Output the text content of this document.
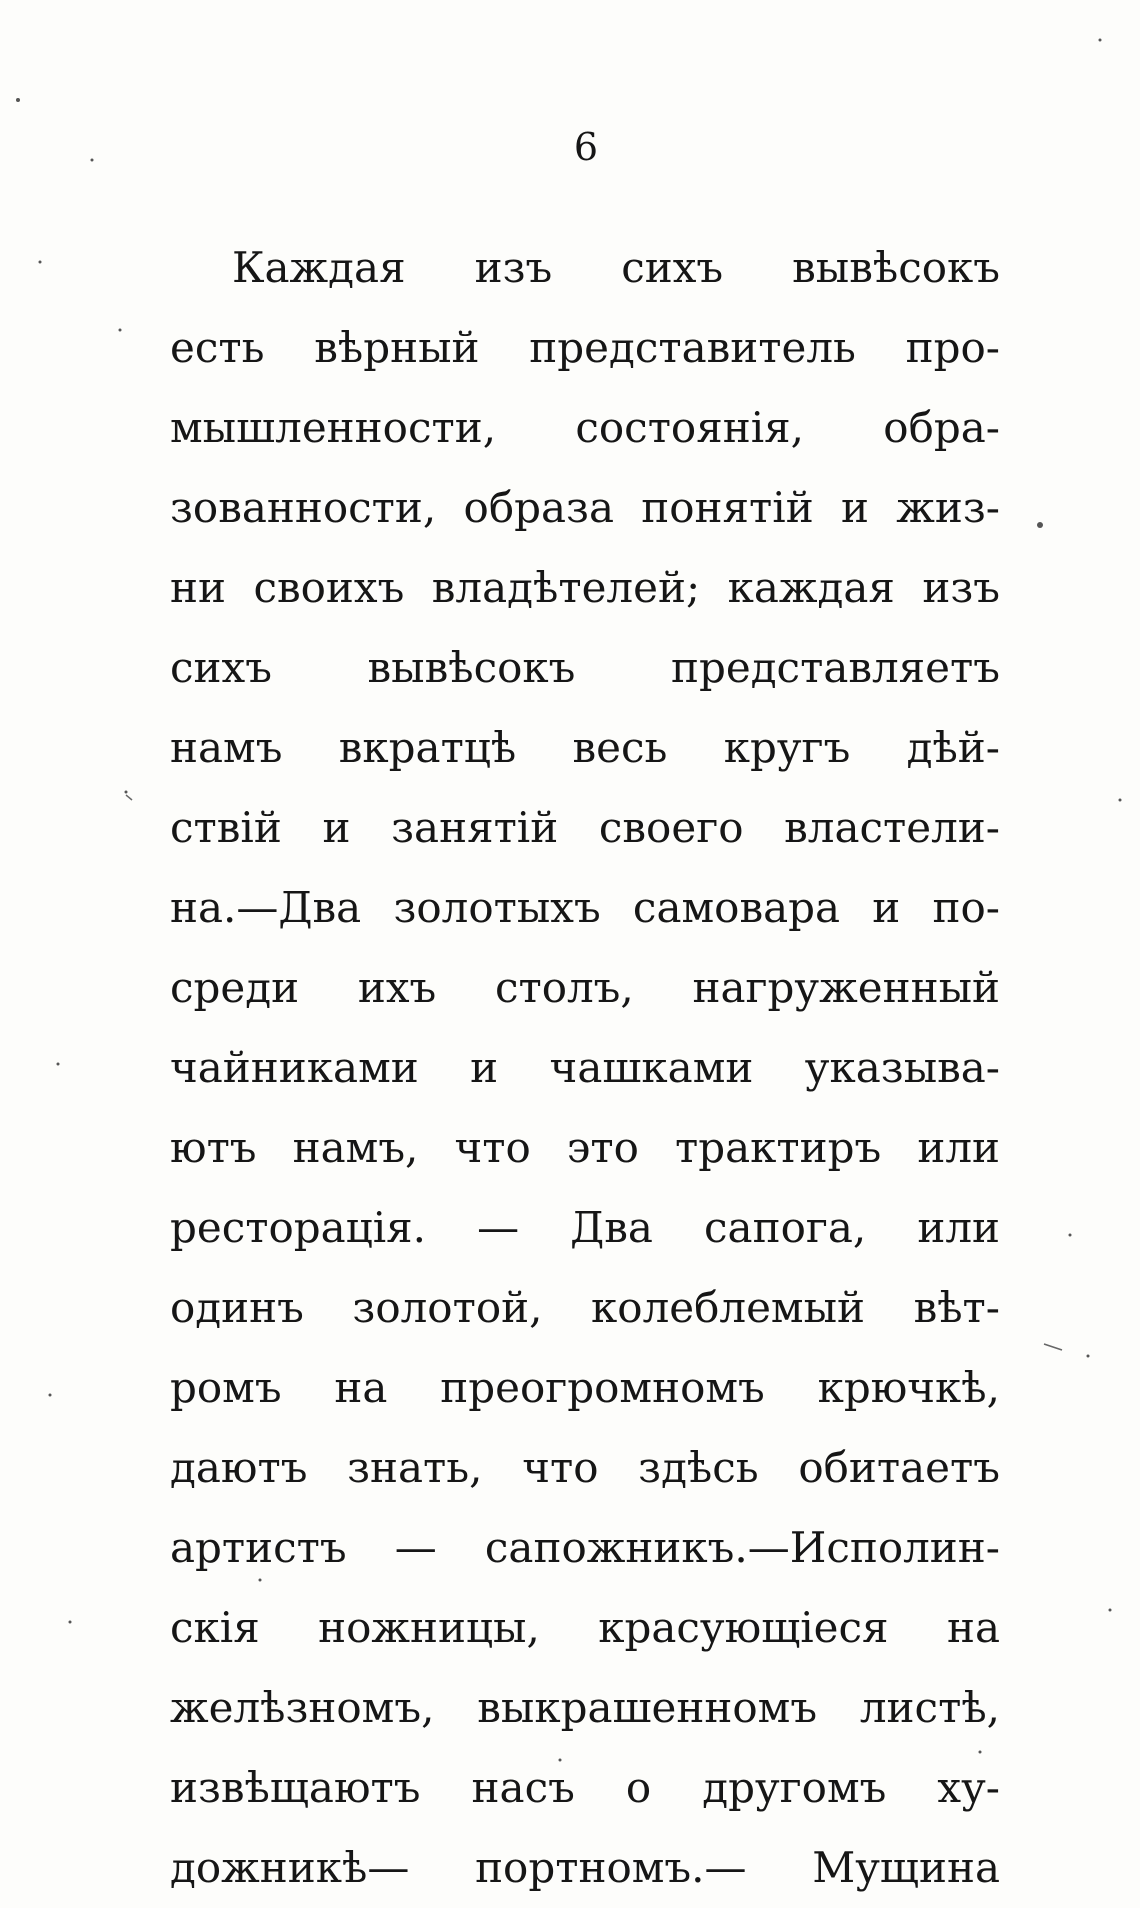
6
Каждая изъ сихъ вывѣсокъ
есть вѣрный представитель про-
мышленности, состоянія, обра-
зованности, образа понятій и жиз-
ни своихъ владѣтелей; каждая изъ
сихъ вывѣсокъ представляетъ
намъ вкратцѣ весь кругъ дѣй-
ствій и занятій своего властели-
на.—Два золотыхъ самовара и по-
среди ихъ столъ, нагруженный
чайниками и чашками указыва-
ютъ намъ, что это трактиръ или
ресторація. — Два сапога, или
одинъ золотой, колеблемый вѣт-
ромъ на преогромномъ крючкѣ,
даютъ знать, что здѣсь обитаетъ
артистъ — сапожникъ.—Исполин-
скія ножницы, красующіеся на
желѣзномъ, выкрашенномъ листѣ,
извѣщаютъ насъ о другомъ ху-
дожникѣ— портномъ.— Мущина
